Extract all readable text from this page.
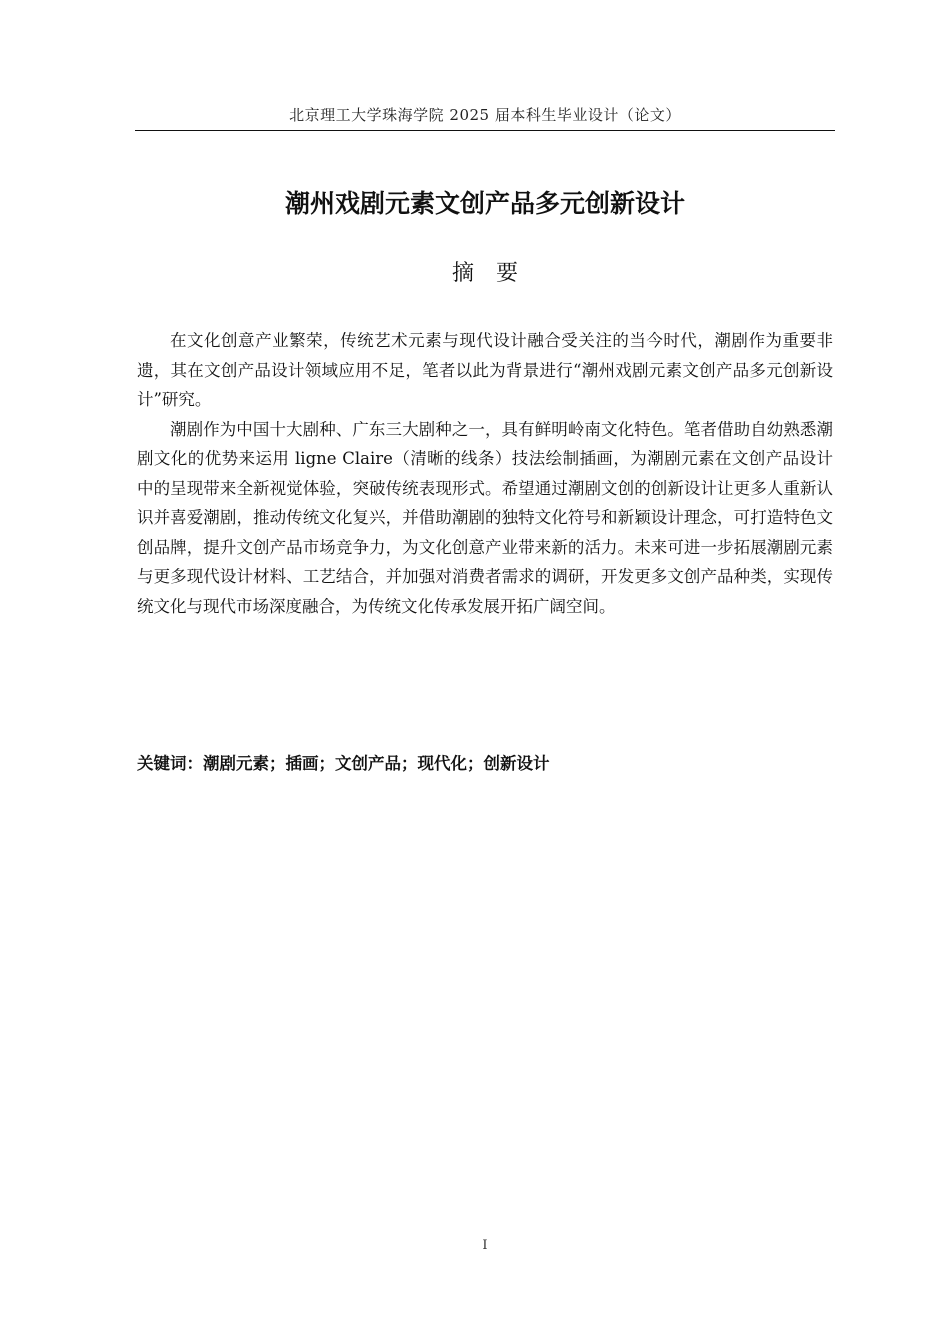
北京理工大学珠海学院 2025 届本科生毕业设计（论文）
潮州戏剧元素文创产品多元创新设计
摘要

在文化创意产业繁荣，传统艺术元素与现代设计融合受关注的当今时代，潮剧作为重要非遗，其在文创产品设计领域应用不足，笔者以此为背景进行“潮州戏剧元素文创产品多元创新设计”研究。

潮剧作为中国十大剧种、广东三大剧种之一，具有鲜明岭南文化特色。笔者借助自幼熟悉潮剧文化的优势来运用 ligne Claire（清晰的线条）技法绘制插画，为潮剧元素在文创产品设计中的呈现带来全新视觉体验，突破传统表现形式。希望通过潮剧文创的创新设计让更多人重新认识并喜爱潮剧，推动传统文化复兴，并借助潮剧的独特文化符号和新颖设计理念，可打造特色文创品牌，提升文创产品市场竞争力，为文化创意产业带来新的活力。未来可进一步拓展潮剧元素与更多现代设计材料、工艺结合，并加强对消费者需求的调研，开发更多文创产品种类，实现传统文化与现代市场深度融合，为传统文化传承发展开拓广阔空间。

关键词：潮剧元素；插画；文创产品；现代化；创新设计
I
